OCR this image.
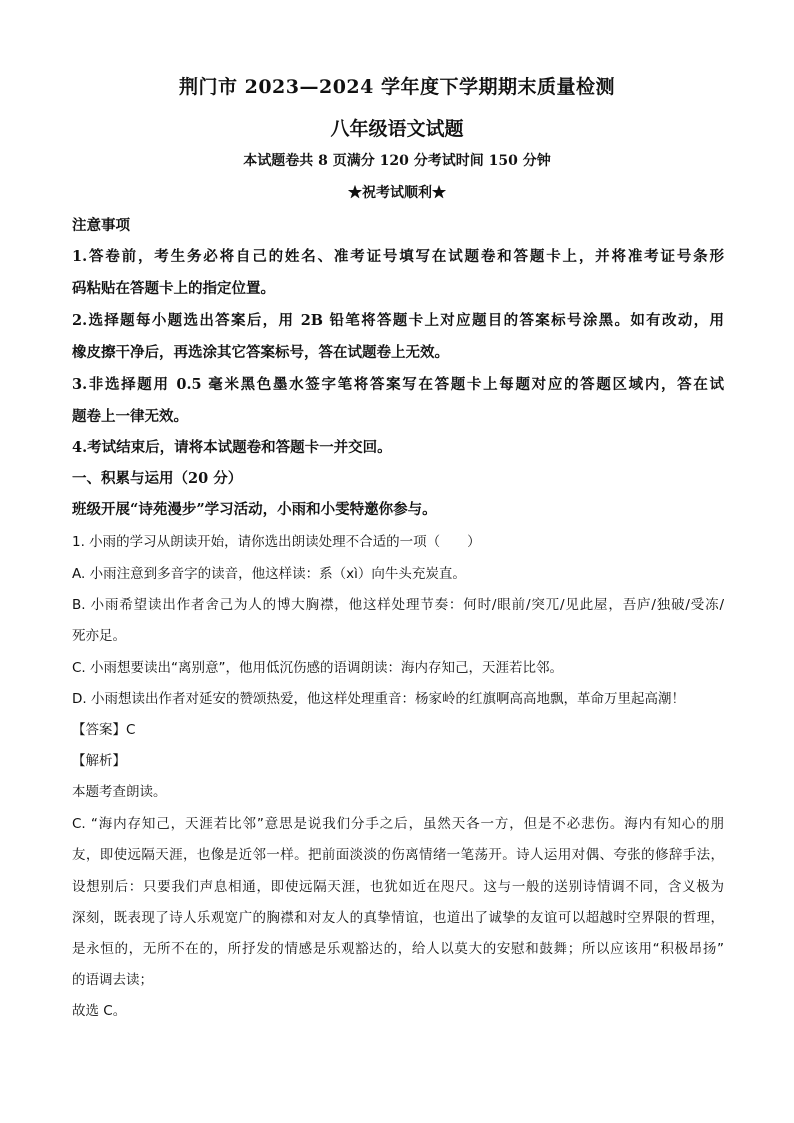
荆门市 2023—2024 学年度下学期期末质量检测
八年级语文试题
本试题卷共 8 页满分 120 分考试时间 150 分钟
★祝考试顺利★
注意事项
1.答卷前，考生务必将自己的姓名、准考证号填写在试题卷和答题卡上，并将准考证号条形
码粘贴在答题卡上的指定位置。
2.选择题每小题选出答案后，用 2B 铅笔将答题卡上对应题目的答案标号涂黑。如有改动，用
橡皮擦干净后，再选涂其它答案标号，答在试题卷上无效。
3.非选择题用 0.5 毫米黑色墨水签字笔将答案写在答题卡上每题对应的答题区域内，答在试
题卷上一律无效。
4.考试结束后，请将本试题卷和答题卡一并交回。
一、积累与运用（20 分）
班级开展“诗苑漫步”学习活动，小雨和小雯特邀你参与。
1. 小雨的学习从朗读开始，请你选出朗读处理不合适的一项（　　）
A. 小雨注意到多音字的读音，他这样读：系（xì）向牛头充炭直。
B. 小雨希望读出作者舍己为人的博大胸襟，他这样处理节奏：何时/眼前/突兀/见此屋，吾庐/独破/受冻/
死亦足。
C. 小雨想要读出“离别意”，他用低沉伤感的语调朗读：海内存知己，天涯若比邻。
D. 小雨想读出作者对延安的赞颂热爱，他这样处理重音：杨家岭的红旗啊高高地飘，革命万里起高潮！
【答案】C
【解析】
本题考查朗读。
C. “海内存知己，天涯若比邻”意思是说我们分手之后，虽然天各一方，但是不必悲伤。海内有知心的朋
友，即使远隔天涯，也像是近邻一样。把前面淡淡的伤离情绪一笔荡开。诗人运用对偶、夸张的修辞手法，
设想别后：只要我们声息相通，即使远隔天涯，也犹如近在咫尺。这与一般的送别诗情调不同，含义极为
深刻，既表现了诗人乐观宽广的胸襟和对友人的真挚情谊，也道出了诚挚的友谊可以超越时空界限的哲理，
是永恒的，无所不在的，所抒发的情感是乐观豁达的，给人以莫大的安慰和鼓舞；所以应该用“积极昂扬”
的语调去读；
故选 C。
